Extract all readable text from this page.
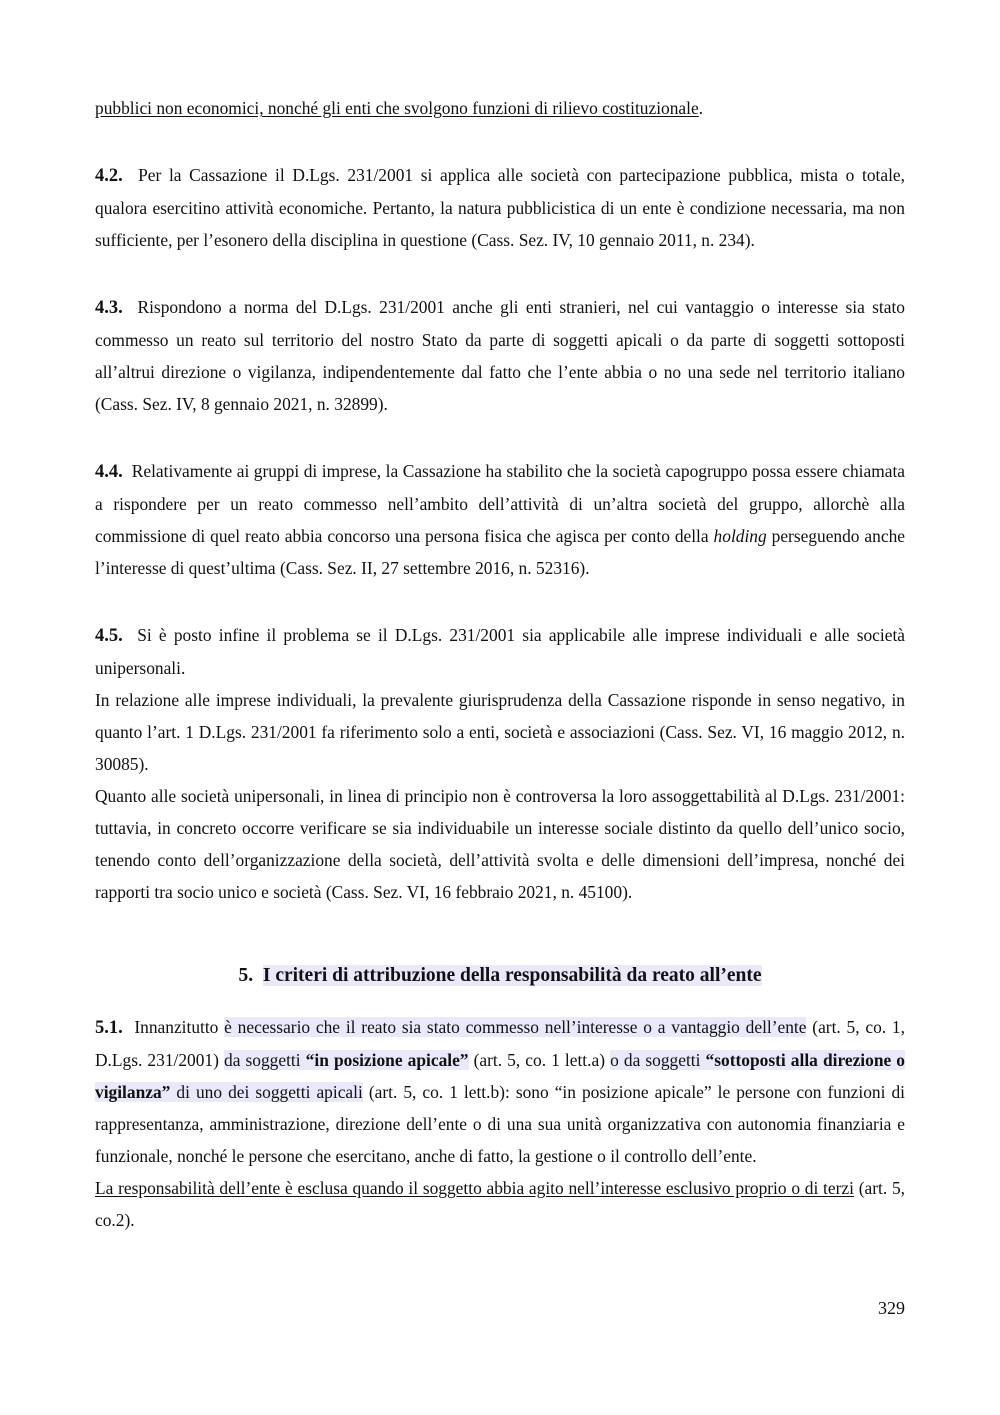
pubblici non economici, nonché gli enti che svolgono funzioni di rilievo costituzionale.

4.2. Per la Cassazione il D.Lgs. 231/2001 si applica alle società con partecipazione pubblica, mista o totale, qualora esercitino attività economiche. Pertanto, la natura pubblicistica di un ente è condizione necessaria, ma non sufficiente, per l’esonero della disciplina in questione (Cass. Sez. IV, 10 gennaio 2011, n. 234).

4.3. Rispondono a norma del D.Lgs. 231/2001 anche gli enti stranieri, nel cui vantaggio o interesse sia stato commesso un reato sul territorio del nostro Stato da parte di soggetti apicali o da parte di soggetti sottoposti all’altrui direzione o vigilanza, indipendentemente dal fatto che l’ente abbia o no una sede nel territorio italiano (Cass. Sez. IV, 8 gennaio 2021, n. 32899).

4.4. Relativamente ai gruppi di imprese, la Cassazione ha stabilito che la società capogruppo possa essere chiamata a rispondere per un reato commesso nell’ambito dell’attività di un’altra società del gruppo, allorchè alla commissione di quel reato abbia concorso una persona fisica che agisca per conto della holding perseguendo anche l’interesse di quest’ultima (Cass. Sez. II, 27 settembre 2016, n. 52316).

4.5. Si è posto infine il problema se il D.Lgs. 231/2001 sia applicabile alle imprese individuali e alle società unipersonali.

In relazione alle imprese individuali, la prevalente giurisprudenza della Cassazione risponde in senso negativo, in quanto l’art. 1 D.Lgs. 231/2001 fa riferimento solo a enti, società e associazioni (Cass. Sez. VI, 16 maggio 2012, n. 30085).

Quanto alle società unipersonali, in linea di principio non è controversa la loro assoggettabilità al D.Lgs. 231/2001: tuttavia, in concreto occorre verificare se sia individuabile un interesse sociale distinto da quello dell’unico socio, tenendo conto dell’organizzazione della società, dell’attività svolta e delle dimensioni dell’impresa, nonché dei rapporti tra socio unico e società (Cass. Sez. VI, 16 febbraio 2021, n. 45100).

5. I criteri di attribuzione della responsabilità da reato all’ente

5.1. Innanzitutto è necessario che il reato sia stato commesso nell’interesse o a vantaggio dell’ente (art. 5, co. 1, D.Lgs. 231/2001) da soggetti “in posizione apicale” (art. 5, co. 1 lett.a) o da soggetti “sottoposti alla direzione o vigilanza” di uno dei soggetti apicali (art. 5, co. 1 lett.b): sono “in posizione apicale” le persone con funzioni di rappresentanza, amministrazione, direzione dell’ente o di una sua unità organizzativa con autonomia finanziaria e funzionale, nonché le persone che esercitano, anche di fatto, la gestione o il controllo dell’ente.

La responsabilità dell’ente è esclusa quando il soggetto abbia agito nell’interesse esclusivo proprio o di terzi (art. 5, co.2).

329
